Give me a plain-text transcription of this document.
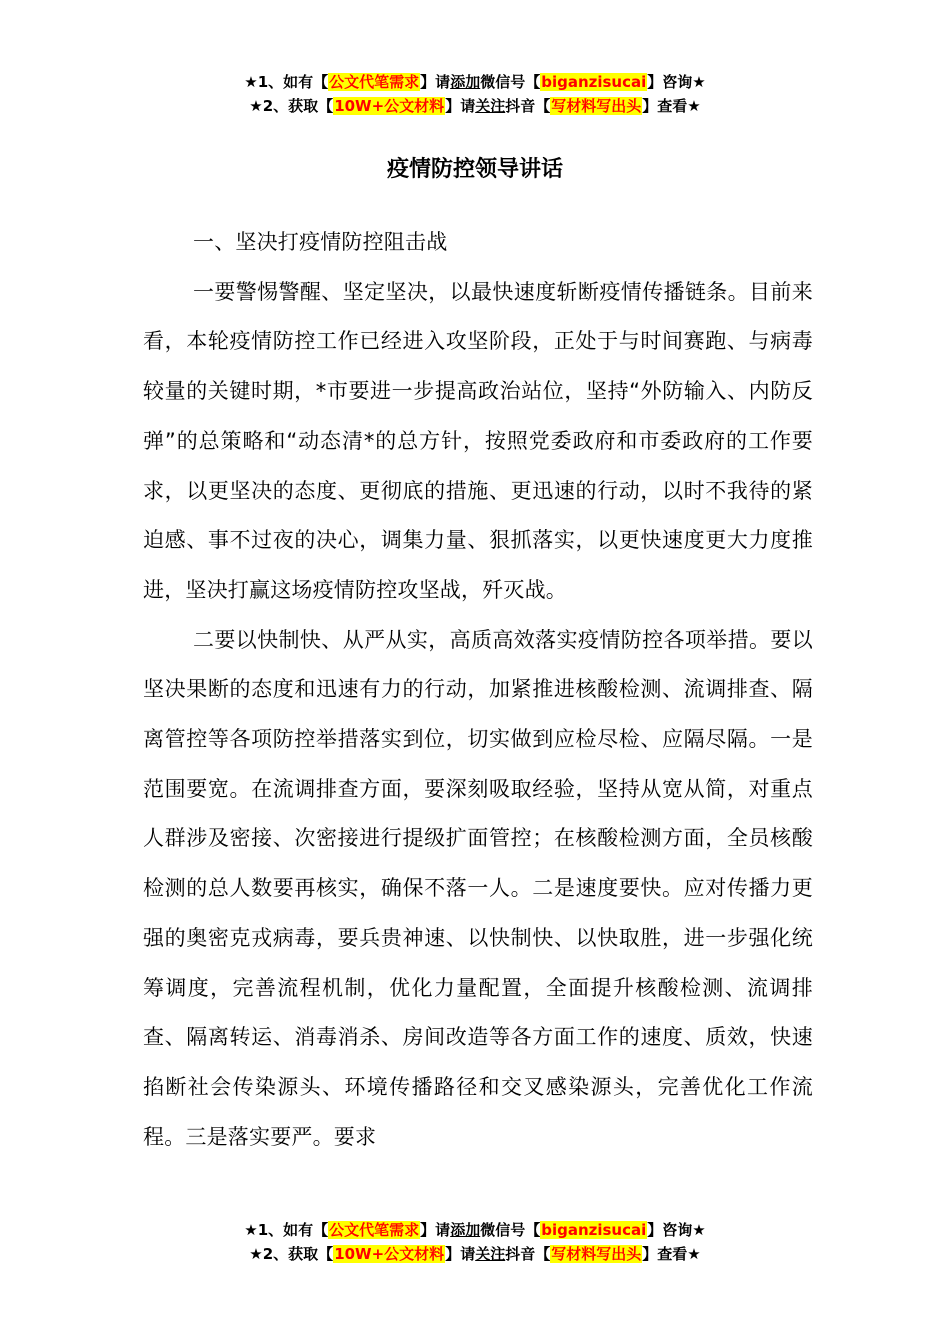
★1、如有【公文代笔需求】请添加微信号【biganzisucai】咨询★
★2、获取【10W+公文材料】请关注抖音【写材料写出头】查看★
疫情防控领导讲话

一、坚决打疫情防控阻击战

一要警惕警醒、坚定坚决，以最快速度斩断疫情传播链条。目前来看，本轮疫情防控工作已经进入攻坚阶段，正处于与时间赛跑、与病毒较量的关键时期，*市要进一步提高政治站位，坚持“外防输入、内防反弹”的总策略和“动态清*的总方针，按照党委政府和市委政府的工作要求，以更坚决的态度、更彻底的措施、更迅速的行动，以时不我待的紧迫感、事不过夜的决心，调集力量、狠抓落实，以更快速度更大力度推进，坚决打赢这场疫情防控攻坚战，歼灭战。

二要以快制快、从严从实，高质高效落实疫情防控各项举措。要以坚决果断的态度和迅速有力的行动，加紧推进核酸检测、流调排查、隔离管控等各项防控举措落实到位，切实做到应检尽检、应隔尽隔。一是范围要宽。在流调排查方面，要深刻吸取经验，坚持从宽从简，对重点人群涉及密接、次密接进行提级扩面管控；在核酸检测方面，全员核酸检测的总人数要再核实，确保不落一人。二是速度要快。应对传播力更强的奥密克戎病毒，要兵贵神速、以快制快、以快取胜，进一步强化统筹调度，完善流程机制，优化力量配置，全面提升核酸检测、流调排查、隔离转运、消毒消杀、房间改造等各方面工作的速度、质效，快速掐断社会传染源头、环境传播路径和交叉感染源头，完善优化工作流程。三是落实要严。要求

★1、如有【公文代笔需求】请添加微信号【biganzisucai】咨询★
★2、获取【10W+公文材料】请关注抖音【写材料写出头】查看★
